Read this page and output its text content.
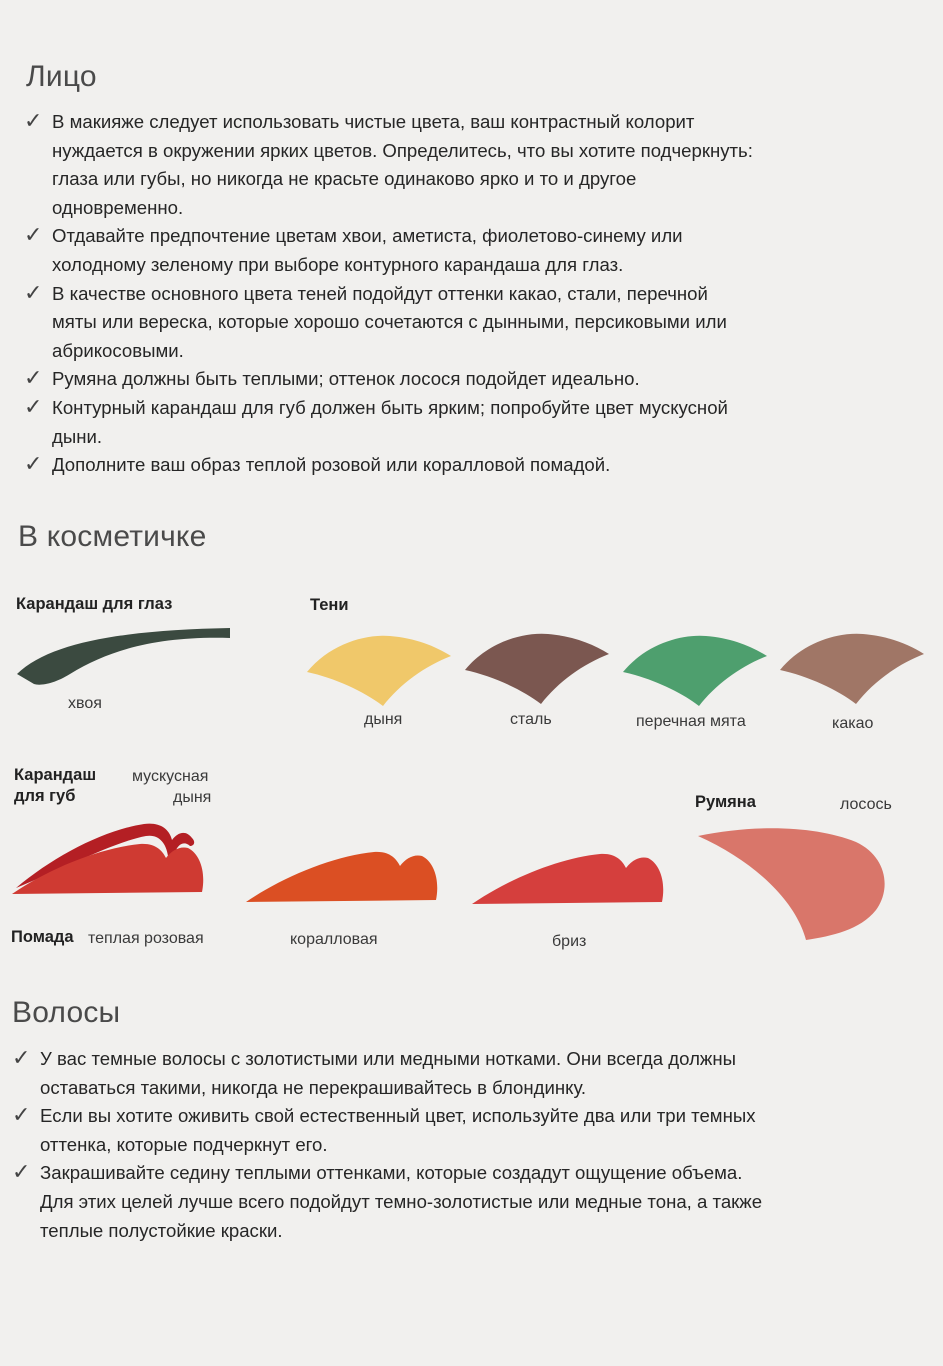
Лицо
✓ В макияже следует использовать чистые цвета, ваш контрастный колорит нуждается в окружении ярких цветов. Определитесь, что вы хотите подчеркнуть: глаза или губы, но никогда не красьте одинаково ярко и то и другое одновременно.
✓ Отдавайте предпочтение цветам хвои, аметиста, фиолетово-синему или холодному зеленому при выборе контурного карандаша для глаз.
✓ В качестве основного цвета теней подойдут оттенки какао, стали, перечной мяты или вереска, которые хорошо сочетаются с дынными, персиковыми или абрикосовыми.
✓ Румяна должны быть теплыми; оттенок лосося подойдет идеально.
✓ Контурный карандаш для губ должен быть ярким; попробуйте цвет мускусной дыни.
✓ Дополните ваш образ теплой розовой или коралловой помадой.
В косметичке
Карандаш для глаз
хвоя
Тени
дыня	сталь	перечная мята	какао
Карандаш
для губ
мускусная
дыня
Помада теплая розовая	коралловая	бриз
Румяна	лосось
Волосы
✓ У вас темные волосы с золотистыми или медными нотками. Они всегда должны оставаться такими, никогда не перекрашивайтесь в блондинку.
✓ Если вы хотите оживить свой естественный цвет, используйте два или три темных оттенка, которые подчеркнут его.
✓ Закрашивайте седину теплыми оттенками, которые создадут ощущение объема. Для этих целей лучше всего подойдут темно-золотистые или медные тона, а также теплые полустойкие краски.
